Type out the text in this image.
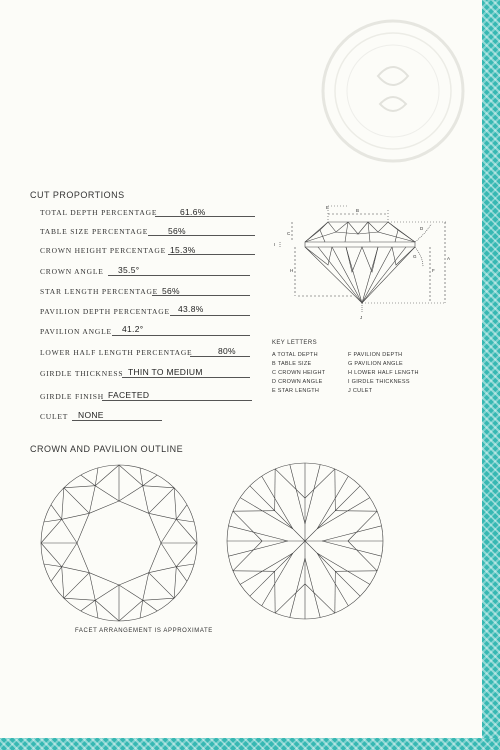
CUT PROPORTIONS
TOTAL DEPTH PERCENTAGE	61.6%
TABLE SIZE PERCENTAGE 56%
CROWN HEIGHT PERCENTAGE 15.3%
CROWN ANGLE 35.5°
STAR LENGTH PERCENTAGE 56%
PAVILION DEPTH PERCENTAGE 43.8%
PAVILION ANGLE 41.2°
LOWER HALF LENGTH PERCENTAGE	80%
GIRDLE THICKNESS THIN TO MEDIUM
GIRDLE FINISH FACETED
CULET NONE
E
B
A
C
D
I
F
G
H
J
KEY LETTERS
A TOTAL DEPTH
B TABLE SIZE
C CROWN HEIGHT
D CROWN ANGLE
E STAR LENGTH
F PAVILION DEPTH
G PAVILION ANGLE
H LOWER HALF LENGTH
I GIRDLE THICKNESS
J CULET
CROWN AND PAVILION OUTLINE
FACET ARRANGEMENT IS APPROXIMATE
